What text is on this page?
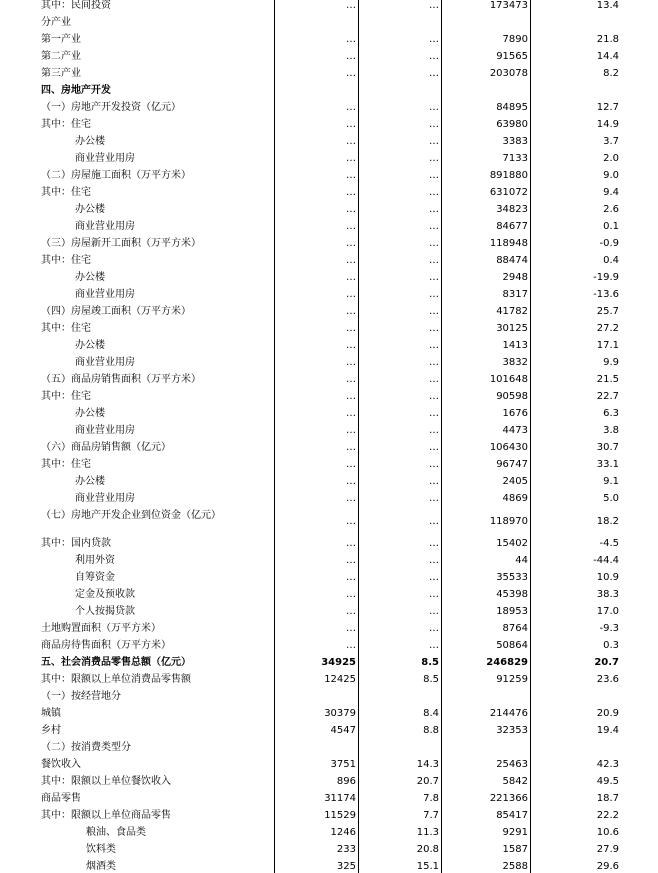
其中：民间投资	…	…	173473	13.4
分产业
第一产业	…	…	7890	21.8
第二产业	…	…	91565	14.4
第三产业	…	…	203078	8.2
四、房地产开发
（一）房地产开发投资（亿元）	…	…	84895	12.7
其中：住宅	…	…	63980	14.9
办公楼	…	…	3383	3.7
商业营业用房	…	…	7133	2.0
（二）房屋施工面积（万平方米）	…	…	891880	9.0
其中：住宅	…	…	631072	9.4
办公楼	…	…	34823	2.6
商业营业用房	…	…	84677	0.1
（三）房屋新开工面积（万平方米）	…	…	118948	-0.9
其中：住宅	…	…	88474	0.4
办公楼	…	…	2948	-19.9
商业营业用房	…	…	8317	-13.6
（四）房屋竣工面积（万平方米）	…	…	41782	25.7
其中：住宅	…	…	30125	27.2
办公楼	…	…	1413	17.1
商业营业用房	…	…	3832	9.9
（五）商品房销售面积（万平方米）	…	…	101648	21.5
其中：住宅	…	…	90598	22.7
办公楼	…	…	1676	6.3
商业营业用房	…	…	4473	3.8
（六）商品房销售额（亿元）	…	…	106430	30.7
其中：住宅	…	…	96747	33.1
办公楼	…	…	2405	9.1
商业营业用房	…	…	4869	5.0
（七）房地产开发企业到位资金（亿元）
…	…	118970	18.2
其中：国内贷款	…	…	15402	-4.5
利用外资	…	…	44	-44.4
自筹资金	…	…	35533	10.9
定金及预收款	…	…	45398	38.3
个人按揭贷款	…	…	18953	17.0
土地购置面积（万平方米）	…	…	8764	-9.3
商品房待售面积（万平方米）	…	…	50864	0.3
五、社会消费品零售总额（亿元）	34925	8.5	246829	20.7
其中：限额以上单位消费品零售额	12425	8.5	91259	23.6
（一）按经营地分
城镇	30379	8.4	214476	20.9
乡村	4547	8.8	32353	19.4
（二）按消费类型分
餐饮收入	3751	14.3	25463	42.3
其中：限额以上单位餐饮收入	896	20.7	5842	49.5
商品零售	31174	7.8	221366	18.7
其中：限额以上单位商品零售	11529	7.7	85417	22.2
粮油、食品类	1246	11.3	9291	10.6
饮料类	233	20.8	1587	27.9
烟酒类	325	15.1	2588	29.6
